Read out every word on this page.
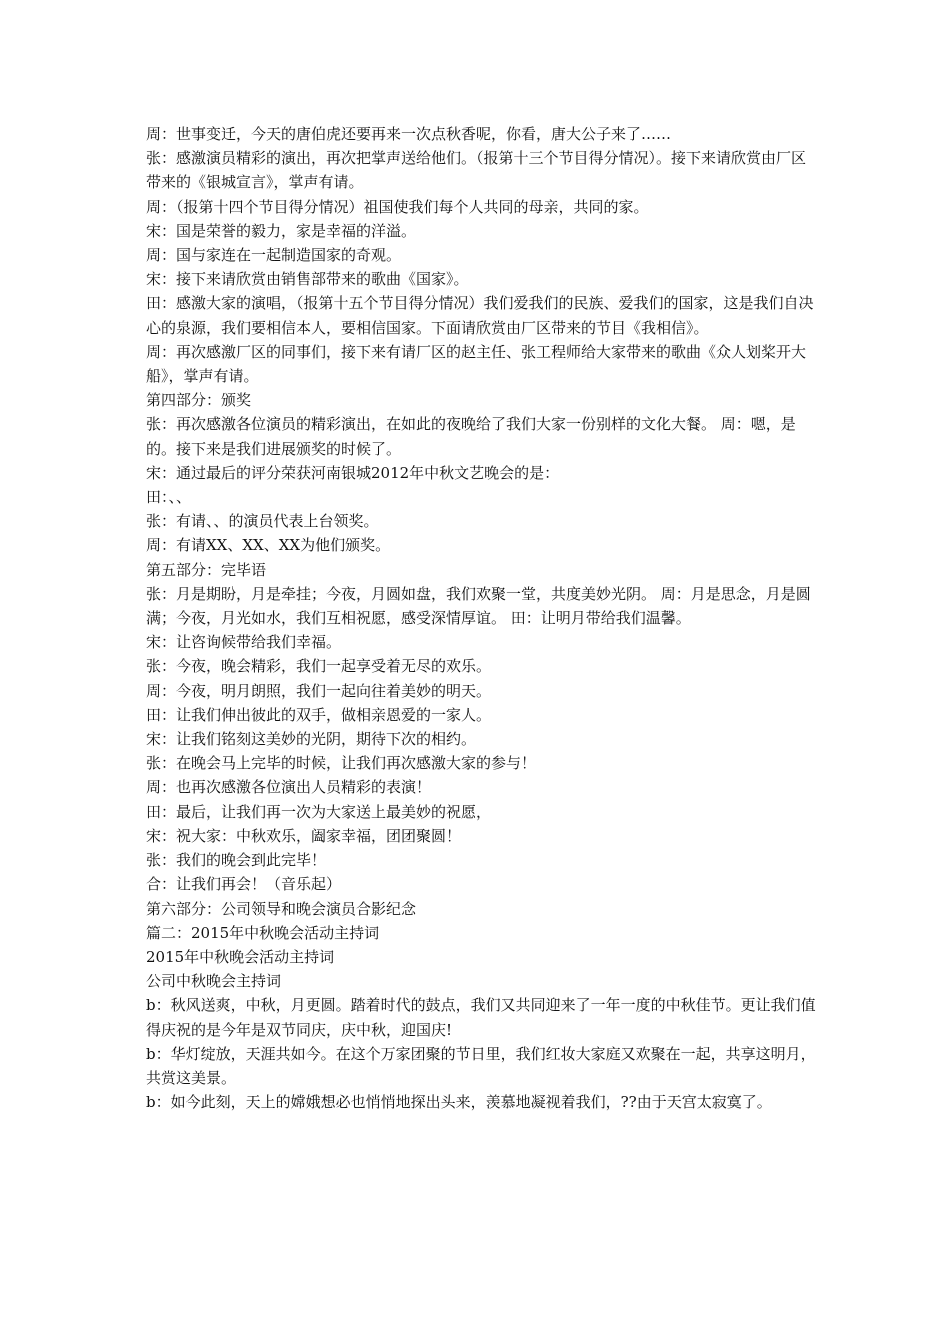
周：世事变迁，今天的唐伯虎还要再来一次点秋香呢，你看，唐大公子来了……

张：感激演员精彩的演出，再次把掌声送给他们。（报第十三个节目得分情况）。接下来请欣赏由厂区带来的《银城宣言》，掌声有请。

周：（报第十四个节目得分情况）祖国使我们每个人共同的母亲，共同的家。

宋：国是荣誉的毅力，家是幸福的洋溢。

周：国与家连在一起制造国家的奇观。

宋：接下来请欣赏由销售部带来的歌曲《国家》。

田：感激大家的演唱，（报第十五个节目得分情况）我们爱我们的民族、爱我们的国家，这是我们自决心的泉源，我们要相信本人，要相信国家。下面请欣赏由厂区带来的节目《我相信》。

周：再次感激厂区的同事们，接下来有请厂区的赵主任、张工程师给大家带来的歌曲《众人划桨开大船》，掌声有请。

第四部分：颁奖

张：再次感激各位演员的精彩演出，在如此的夜晚给了我们大家一份别样的文化大餐。 周：嗯，是的。接下来是我们进展颁奖的时候了。

宋：通过最后的评分荣获河南银城2012年中秋文艺晚会的是：

田：、、

张：有请、、的演员代表上台领奖。

周：有请XX、XX、XX为他们颁奖。

第五部分：完毕语

张：月是期盼，月是牵挂；今夜，月圆如盘，我们欢聚一堂，共度美妙光阴。 周：月是思念，月是圆满；今夜，月光如水，我们互相祝愿，感受深情厚谊。 田：让明月带给我们温馨。

宋：让咨询候带给我们幸福。

张：今夜，晚会精彩，我们一起享受着无尽的欢乐。

周：今夜，明月朗照，我们一起向往着美妙的明天。

田：让我们伸出彼此的双手，做相亲恩爱的一家人。

宋：让我们铭刻这美妙的光阴，期待下次的相约。

张：在晚会马上完毕的时候，让我们再次感激大家的参与！

周：也再次感激各位演出人员精彩的表演！

田：最后，让我们再一次为大家送上最美妙的祝愿，

宋：祝大家：中秋欢乐，阖家幸福，团团聚圆！

张：我们的晚会到此完毕！

合：让我们再会！（音乐起）

第六部分：公司领导和晚会演员合影纪念

篇二：2015年中秋晚会活动主持词

2015年中秋晚会活动主持词

公司中秋晚会主持词

b：秋风送爽，中秋，月更圆。踏着时代的鼓点，我们又共同迎来了一年一度的中秋佳节。更让我们值得庆祝的是今年是双节同庆，庆中秋，迎国庆!

b：华灯绽放，天涯共如今。在这个万家团聚的节日里，我们红妆大家庭又欢聚在一起，共享这明月，共赏这美景。

b：如今此刻，天上的嫦娥想必也悄悄地探出头来，羡慕地凝视着我们，??由于天宫太寂寞了。
